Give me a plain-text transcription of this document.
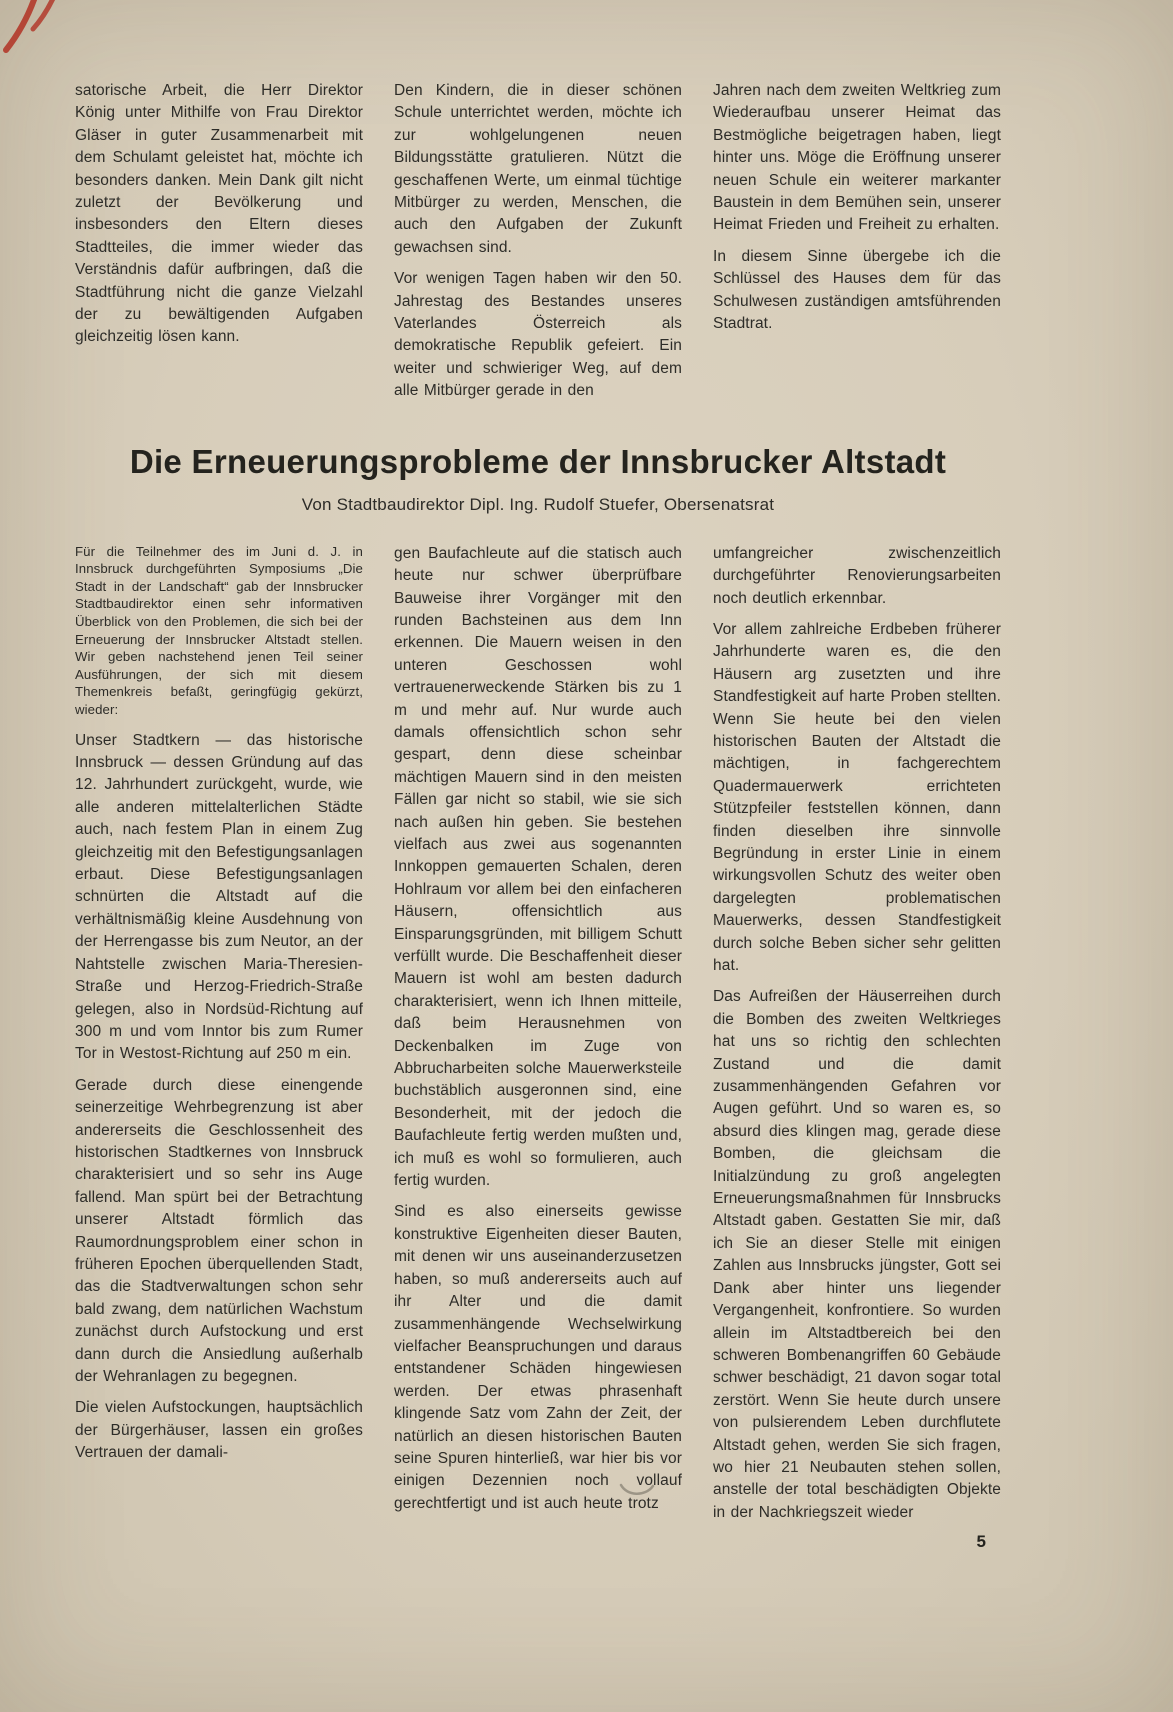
satorische Arbeit, die Herr Direktor König unter Mithilfe von Frau Direktor Gläser in guter Zusammenarbeit mit dem Schulamt geleistet hat, möchte ich besonders danken. Mein Dank gilt nicht zuletzt der Bevölkerung und insbesonders den Eltern dieses Stadtteiles, die immer wieder das Verständnis dafür aufbringen, daß die Stadtführung nicht die ganze Vielzahl der zu bewältigenden Aufgaben gleichzeitig lösen kann.

Den Kindern, die in dieser schönen Schule unterrichtet werden, möchte ich zur wohlgelungenen neuen Bildungsstätte gratulieren. Nützt die geschaffenen Werte, um einmal tüchtige Mitbürger zu werden, Menschen, die auch den Aufgaben der Zukunft gewachsen sind.

Vor wenigen Tagen haben wir den 50. Jahrestag des Bestandes unseres Vaterlandes Österreich als demokratische Republik gefeiert. Ein weiter und schwieriger Weg, auf dem alle Mitbürger gerade in den

Jahren nach dem zweiten Weltkrieg zum Wiederaufbau unserer Heimat das Bestmögliche beigetragen haben, liegt hinter uns. Möge die Eröffnung unserer neuen Schule ein weiterer markanter Baustein in dem Bemühen sein, unserer Heimat Frieden und Freiheit zu erhalten.

In diesem Sinne übergebe ich die Schlüssel des Hauses dem für das Schulwesen zuständigen amtsführenden Stadtrat.

Die Erneuerungsprobleme der Innsbrucker Altstadt
Von Stadtbaudirektor Dipl. Ing. Rudolf Stuefer, Obersenatsrat

Für die Teilnehmer des im Juni d. J. in Innsbruck durchgeführten Symposiums „Die Stadt in der Landschaft“ gab der Innsbrucker Stadtbaudirektor einen sehr informativen Überblick von den Problemen, die sich bei der Erneuerung der Innsbrucker Altstadt stellen. Wir geben nachstehend jenen Teil seiner Ausführungen, der sich mit diesem Themenkreis befaßt, geringfügig gekürzt, wieder:

Unser Stadtkern — das historische Innsbruck — dessen Gründung auf das 12. Jahrhundert zurückgeht, wurde, wie alle anderen mittelalterlichen Städte auch, nach festem Plan in einem Zug gleichzeitig mit den Befestigungsanlagen erbaut. Diese Befestigungsanlagen schnürten die Altstadt auf die verhältnismäßig kleine Ausdehnung von der Herrengasse bis zum Neutor, an der Nahtstelle zwischen Maria-Theresien-Straße und Herzog-Friedrich-Straße gelegen, also in Nordsüd-Richtung auf 300 m und vom Inntor bis zum Rumer Tor in Westost-Richtung auf 250 m ein.

Gerade durch diese einengende seinerzeitige Wehrbegrenzung ist aber andererseits die Geschlossenheit des historischen Stadtkernes von Innsbruck charakterisiert und so sehr ins Auge fallend. Man spürt bei der Betrachtung unserer Altstadt förmlich das Raumordnungsproblem einer schon in früheren Epochen überquellenden Stadt, das die Stadtverwaltungen schon sehr bald zwang, dem natürlichen Wachstum zunächst durch Aufstockung und erst dann durch die Ansiedlung außerhalb der Wehranlagen zu begegnen.

Die vielen Aufstockungen, hauptsächlich der Bürgerhäuser, lassen ein großes Vertrauen der damali-

gen Baufachleute auf die statisch auch heute nur schwer überprüfbare Bauweise ihrer Vorgänger mit den runden Bachsteinen aus dem Inn erkennen. Die Mauern weisen in den unteren Geschossen wohl vertrauenerweckende Stärken bis zu 1 m und mehr auf. Nur wurde auch damals offensichtlich schon sehr gespart, denn diese scheinbar mächtigen Mauern sind in den meisten Fällen gar nicht so stabil, wie sie sich nach außen hin geben. Sie bestehen vielfach aus zwei aus sogenannten Innkoppen gemauerten Schalen, deren Hohlraum vor allem bei den einfacheren Häusern, offensichtlich aus Einsparungsgründen, mit billigem Schutt verfüllt wurde. Die Beschaffenheit dieser Mauern ist wohl am besten dadurch charakterisiert, wenn ich Ihnen mitteile, daß beim Herausnehmen von Deckenbalken im Zuge von Abbrucharbeiten solche Mauerwerksteile buchstäblich ausgeronnen sind, eine Besonderheit, mit der jedoch die Baufachleute fertig werden mußten und, ich muß es wohl so formulieren, auch fertig wurden.

Sind es also einerseits gewisse konstruktive Eigenheiten dieser Bauten, mit denen wir uns auseinanderzusetzen haben, so muß andererseits auch auf ihr Alter und die damit zusammenhängende Wechselwirkung vielfacher Beanspruchungen und daraus entstandener Schäden hingewiesen werden. Der etwas phrasenhaft klingende Satz vom Zahn der Zeit, der natürlich an diesen historischen Bauten seine Spuren hinterließ, war hier bis vor einigen Dezennien noch vollauf gerechtfertigt und ist auch heute trotz

umfangreicher zwischenzeitlich durchgeführter Renovierungsarbeiten noch deutlich erkennbar.

Vor allem zahlreiche Erdbeben früherer Jahrhunderte waren es, die den Häusern arg zusetzten und ihre Standfestigkeit auf harte Proben stellten. Wenn Sie heute bei den vielen historischen Bauten der Altstadt die mächtigen, in fachgerechtem Quadermauerwerk errichteten Stützpfeiler feststellen können, dann finden dieselben ihre sinnvolle Begründung in erster Linie in einem wirkungsvollen Schutz des weiter oben dargelegten problematischen Mauerwerks, dessen Standfestigkeit durch solche Beben sicher sehr gelitten hat.

Das Aufreißen der Häuserreihen durch die Bomben des zweiten Weltkrieges hat uns so richtig den schlechten Zustand und die damit zusammenhängenden Gefahren vor Augen geführt. Und so waren es, so absurd dies klingen mag, gerade diese Bomben, die gleichsam die Initialzündung zu groß angelegten Erneuerungsmaßnahmen für Innsbrucks Altstadt gaben. Gestatten Sie mir, daß ich Sie an dieser Stelle mit einigen Zahlen aus Innsbrucks jüngster, Gott sei Dank aber hinter uns liegender Vergangenheit, konfrontiere. So wurden allein im Altstadtbereich bei den schweren Bombenangriffen 60 Gebäude schwer beschädigt, 21 davon sogar total zerstört. Wenn Sie heute durch unsere von pulsierendem Leben durchflutete Altstadt gehen, werden Sie sich fragen, wo hier 21 Neubauten stehen sollen, anstelle der total beschädigten Objekte in der Nachkriegszeit wieder

5
